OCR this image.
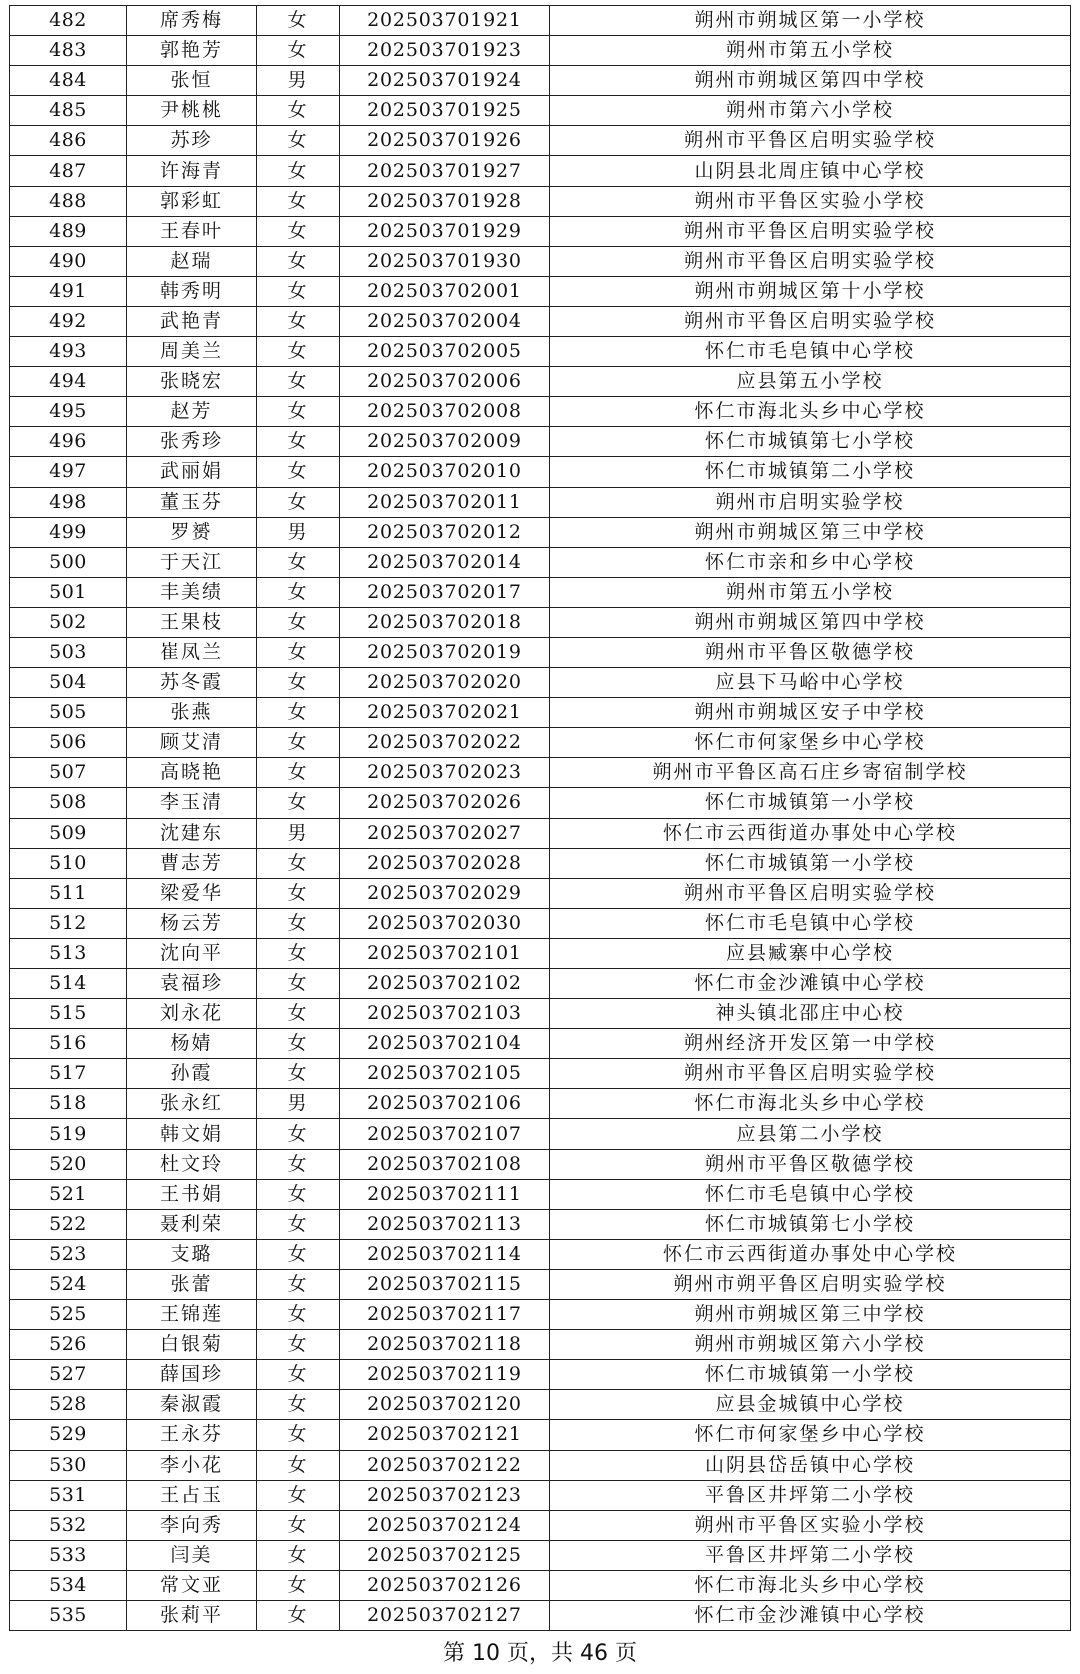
482	席秀梅	女	202503701921	朔州市朔城区第一小学校
483	郭艳芳	女	202503701923	朔州市第五小学校
484	张恒	男	202503701924	朔州市朔城区第四中学校
485	尹桃桃	女	202503701925	朔州市第六小学校
486	苏珍	女	202503701926	朔州市平鲁区启明实验学校
487	许海青	女	202503701927	山阴县北周庄镇中心学校
488	郭彩虹	女	202503701928	朔州市平鲁区实验小学校
489	王春叶	女	202503701929	朔州市平鲁区启明实验学校
490	赵瑞	女	202503701930	朔州市平鲁区启明实验学校
491	韩秀明	女	202503702001	朔州市朔城区第十小学校
492	武艳青	女	202503702004	朔州市平鲁区启明实验学校
493	周美兰	女	202503702005	怀仁市毛皂镇中心学校
494	张晓宏	女	202503702006	应县第五小学校
495	赵芳	女	202503702008	怀仁市海北头乡中心学校
496	张秀珍	女	202503702009	怀仁市城镇第七小学校
497	武丽娟	女	202503702010	怀仁市城镇第二小学校
498	董玉芬	女	202503702011	朔州市启明实验学校
499	罗赟	男	202503702012	朔州市朔城区第三中学校
500	于天江	女	202503702014	怀仁市亲和乡中心学校
501	丰美绩	女	202503702017	朔州市第五小学校
502	王果枝	女	202503702018	朔州市朔城区第四中学校
503	崔凤兰	女	202503702019	朔州市平鲁区敬德学校
504	苏冬霞	女	202503702020	应县下马峪中心学校
505	张燕	女	202503702021	朔州市朔城区安子中学校
506	顾艾清	女	202503702022	怀仁市何家堡乡中心学校
507	高晓艳	女	202503702023	朔州市平鲁区高石庄乡寄宿制学校
508	李玉清	女	202503702026	怀仁市城镇第一小学校
509	沈建东	男	202503702027	怀仁市云西街道办事处中心学校
510	曹志芳	女	202503702028	怀仁市城镇第一小学校
511	梁爱华	女	202503702029	朔州市平鲁区启明实验学校
512	杨云芳	女	202503702030	怀仁市毛皂镇中心学校
513	沈向平	女	202503702101	应县臧寨中心学校
514	袁福珍	女	202503702102	怀仁市金沙滩镇中心学校
515	刘永花	女	202503702103	神头镇北邵庄中心校
516	杨婧	女	202503702104	朔州经济开发区第一中学校
517	孙霞	女	202503702105	朔州市平鲁区启明实验学校
518	张永红	男	202503702106	怀仁市海北头乡中心学校
519	韩文娟	女	202503702107	应县第二小学校
520	杜文玲	女	202503702108	朔州市平鲁区敬德学校
521	王书娟	女	202503702111	怀仁市毛皂镇中心学校
522	聂利荣	女	202503702113	怀仁市城镇第七小学校
523	支璐	女	202503702114	怀仁市云西街道办事处中心学校
524	张蕾	女	202503702115	朔州市朔平鲁区启明实验学校
525	王锦莲	女	202503702117	朔州市朔城区第三中学校
526	白银菊	女	202503702118	朔州市朔城区第六小学校
527	薛国珍	女	202503702119	怀仁市城镇第一小学校
528	秦淑霞	女	202503702120	应县金城镇中心学校
529	王永芬	女	202503702121	怀仁市何家堡乡中心学校
530	李小花	女	202503702122	山阴县岱岳镇中心学校
531	王占玉	女	202503702123	平鲁区井坪第二小学校
532	李向秀	女	202503702124	朔州市平鲁区实验小学校
533	闫美	女	202503702125	平鲁区井坪第二小学校
534	常文亚	女	202503702126	怀仁市海北头乡中心学校
535	张莉平	女	202503702127	怀仁市金沙滩镇中心学校
第 10 页，共 46 页
